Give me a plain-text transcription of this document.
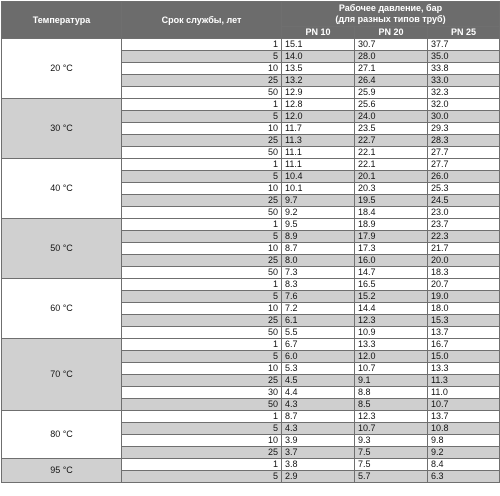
Температура	Срок службы, лет	Рабочее давление, бар
(для разных типов труб)		

		PN 10	PN 20	PN 25
20 °C	1	15.1	30.7	37.7
	5	14.0	28.0	35.0
	10	13.5	27.1	33.8
	25	13.2	26.4	33.0
	50	12.9	25.9	32.3
30 °C	1	12.8	25.6	32.0
	5	12.0	24.0	30.0
	10	11.7	23.5	29.3
	25	11.3	22.7	28.3
	50	11.1	22.1	27.7
40 °C	1	11.1	22.1	27.7
	5	10.4	20.1	26.0
	10	10.1	20.3	25.3
	25	9.7	19.5	24.5
	50	9.2	18.4	23.0
50 °C	1	9.5	18.9	23.7
	5	8.9	17.9	22.3
	10	8.7	17.3	21.7
	25	8.0	16.0	20.0
	50	7.3	14.7	18.3
60 °C	1	8.3	16.5	20.7
	5	7.6	15.2	19.0
	10	7.2	14.4	18.0
	25	6.1	12.3	15.3
	50	5.5	10.9	13.7
70 °C	1	6.7	13.3	16.7
	5	6.0	12.0	15.0
	10	5.3	10.7	13.3
	25	4.5	9.1	11.3
	30	4.4	8.8	11.0
	50	4.3	8.5	10.7
80 °C	1	8.7	12.3	13.7
	5	4.3	10.7	10.8
	10	3.9	9.3	9.8
	25	3.7	7.5	9.2
95 °C	1	3.8	7.5	8.4
	5	2.9	5.7	6.3
